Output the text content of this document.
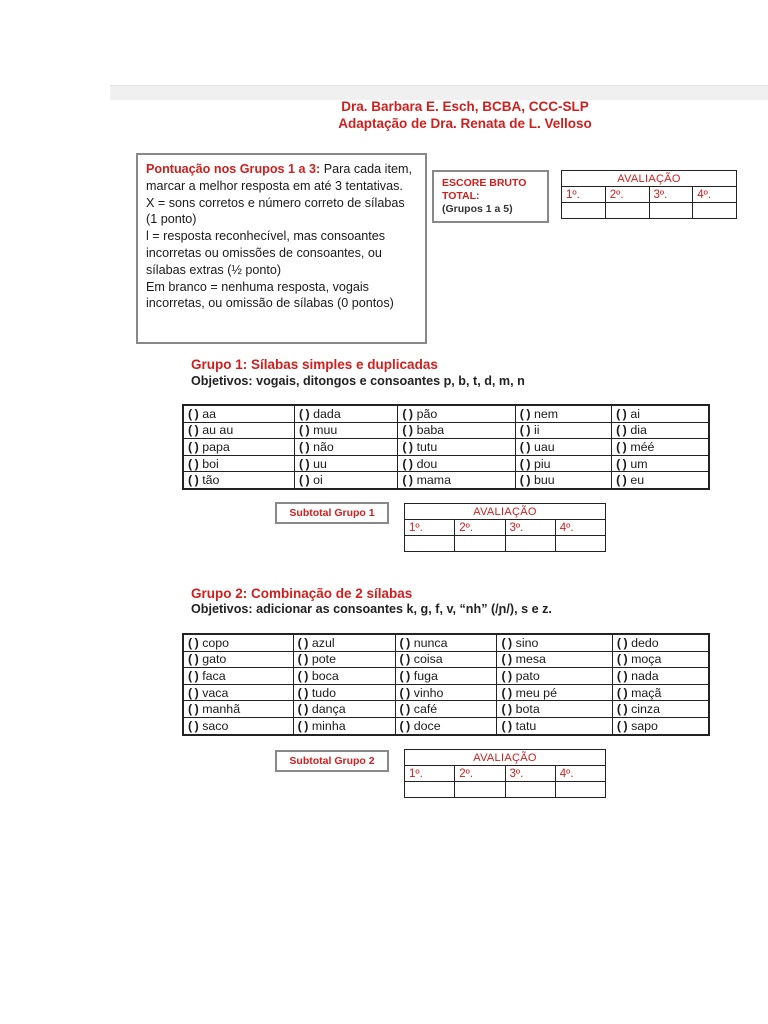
Dra. Barbara E. Esch, BCBA, CCC-SLP
Adaptação de Dra. Renata de L. Velloso
Pontuação nos Grupos 1 a 3: Para cada item, marcar a melhor resposta em até 3 tentativas.
X = sons corretos e número correto de sílabas (1 ponto)
l = resposta reconhecível, mas consoantes incorretas ou omissões de consoantes, ou sílabas extras (½ ponto)
Em branco = nenhuma resposta, vogais incorretas, ou omissão de sílabas (0 pontos)
ESCORE BRUTO
TOTAL:
(Grupos 1 a 5)
AVALIAÇÃO			
1º.	2º.	3º.	4º.

Grupo 1: Sílabas simples e duplicadas
Objetivos: vogais, ditongos e consoantes p, b, t, d, m, n
( ) aa	( ) dada	( ) pão	( ) nem	( ) ai
( ) au au	( ) muu	( ) baba	( ) ii	( ) dia
( ) papa	( ) não	( ) tutu	( ) uau	( ) méé
( ) boi	( ) uu	( ) dou	( ) piu	( ) um
( ) tão	( ) oi	( ) mama	( ) buu	( ) eu
Subtotal Grupo 1	AVALIAÇÃO			
1º.	2º.	3º.	4º.

Grupo 2: Combinação de 2 sílabas
Objetivos: adicionar as consoantes k, g, f, v, “nh” (/ɲ/), s e z.
( ) copo	( ) azul	( ) nunca	( ) sino	( ) dedo
( ) gato	( ) pote	( ) coisa	( ) mesa	( ) moça
( ) faca	( ) boca	( ) fuga	( ) pato	( ) nada
( ) vaca	( ) tudo	( ) vinho	( ) meu pé	( ) maçã
( ) manhã	( ) dança	( ) café	( ) bota	( ) cinza
( ) saco	( ) minha	( ) doce	( ) tatu	( ) sapo
Subtotal Grupo 2	AVALIAÇÃO			
1º.	2º.	3º.	4º.
